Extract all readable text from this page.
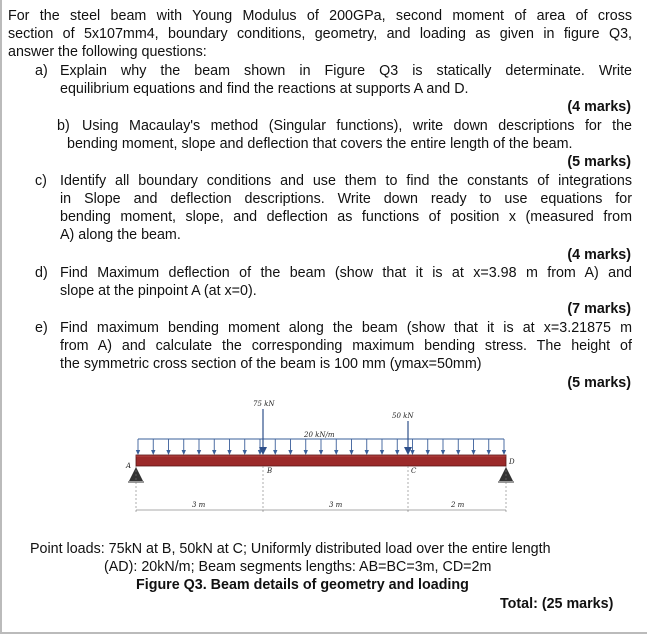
For the steel beam with Young Modulus of 200GPa, second moment of area of cross
section of 5x107mm4, boundary conditions, geometry, and loading as given in figure Q3,
answer the following questions:
a) Explain why the beam shown in Figure Q3 is statically determinate. Write
equilibrium equations and find the reactions at supports A and D.
(4 marks)
b) Using Macaulay's method (Singular functions), write down descriptions for the
bending moment, slope and deflection that covers the entire length of the beam.
(5 marks)
c) Identify all boundary conditions and use them to find the constants of integrations
in Slope and deflection descriptions. Write down ready to use equations for
bending moment, slope, and deflection as functions of position x (measured from
A) along the beam.
(4 marks)
d) Find Maximum deflection of the beam (show that it is at x=3.98 m from A) and
slope at the pinpoint A (at x=0).
(7 marks)
e) Find maximum bending moment along the beam (show that it is at x=3.21875 m
from A) and calculate the corresponding maximum bending stress. The height of
the symmetric cross section of the beam is 100 mm (ymax=50mm)
(5 marks)
75 kN
50 kN
20 kN/m
A
B	C
D
3 m	3 m	2 m
Point loads: 75kN at B, 50kN at C; Uniformly distributed load over the entire length
(AD): 20kN/m; Beam segments lengths: AB=BC=3m, CD=2m
Figure Q3. Beam details of geometry and loading
Total: (25 marks)
